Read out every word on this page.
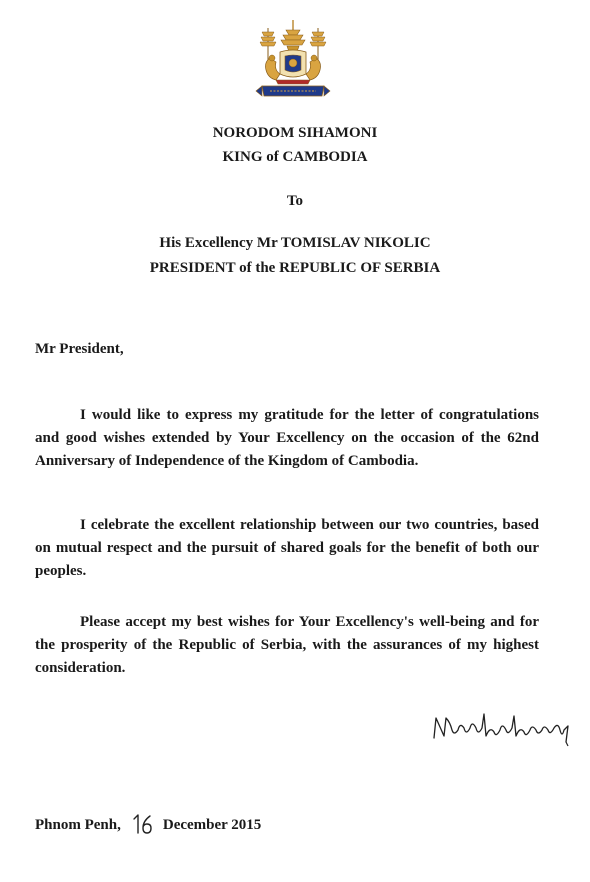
NORODOM SIHAMONI
KING of CAMBODIA
To
His Excellency Mr TOMISLAV NIKOLIC
PRESIDENT of the REPUBLIC OF SERBIA
Mr President,

I would like to express my gratitude for the letter of congratulations and good wishes extended by Your Excellency on the occasion of the 62nd Anniversary of Independence of the Kingdom of Cambodia.

I celebrate the excellent relationship between our two countries, based on mutual respect and the pursuit of shared goals for the benefit of both our peoples.

Please accept my best wishes for Your Excellency's well-being and for the prosperity of the Republic of Serbia, with the assurances of my highest consideration.

Phnom Penh,	December 2015
